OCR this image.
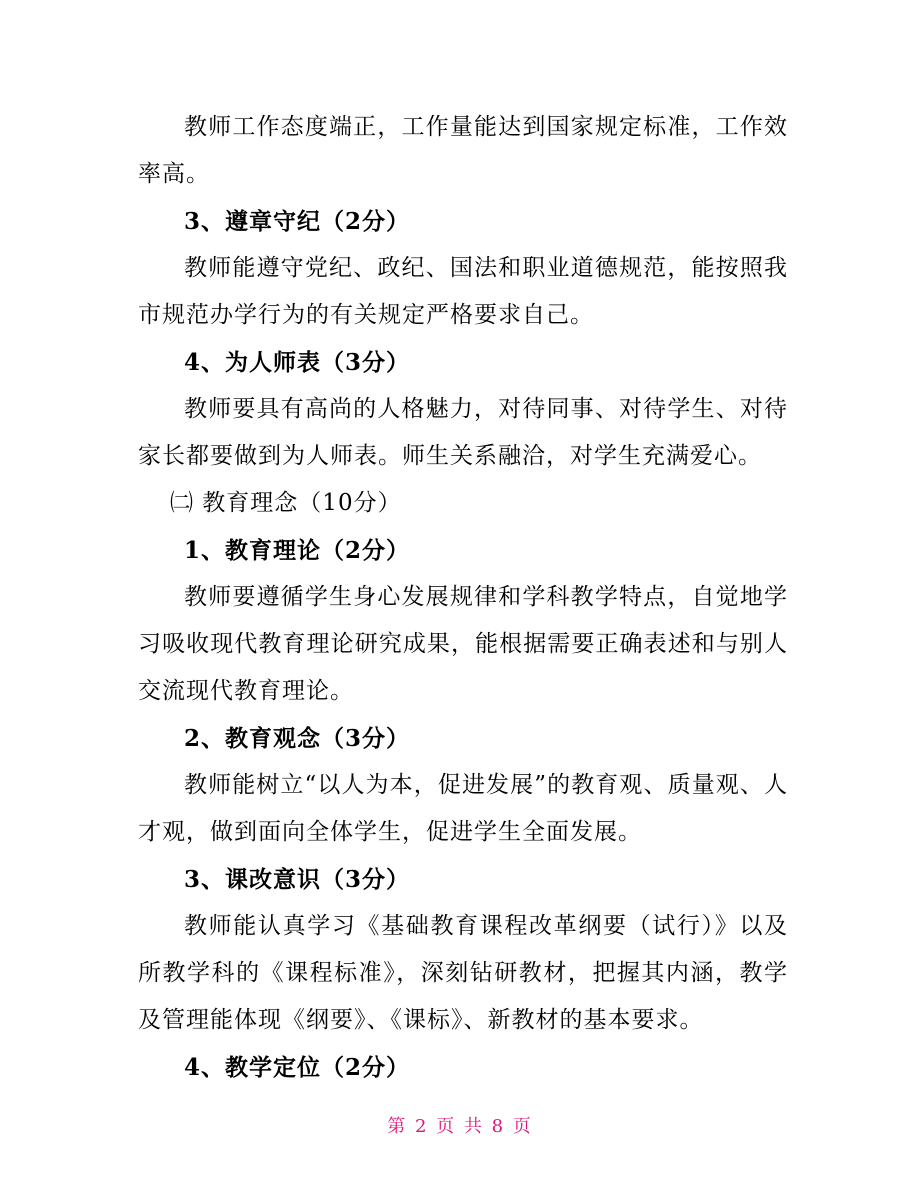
教师工作态度端正，工作量能达到国家规定标准，工作效率高。

3、遵章守纪（2分）

教师能遵守党纪、政纪、国法和职业道德规范，能按照我市规范办学行为的有关规定严格要求自己。

4、为人师表（3分）

教师要具有高尚的人格魅力，对待同事、对待学生、对待家长都要做到为人师表。师生关系融洽，对学生充满爱心。

㈡ 教育理念（10分）

1、教育理论（2分）

教师要遵循学生身心发展规律和学科教学特点，自觉地学习吸收现代教育理论研究成果，能根据需要正确表述和与别人交流现代教育理论。

2、教育观念（3分）

教师能树立“以人为本，促进发展”的教育观、质量观、人才观，做到面向全体学生，促进学生全面发展。

3、课改意识（3分）

教师能认真学习《基础教育课程改革纲要（试行）》以及所教学科的《课程标准》，深刻钻研教材，把握其内涵，教学及管理能体现《纲要》、《课标》、新教材的基本要求。

4、教学定位（2分）

第 2 页 共 8 页
